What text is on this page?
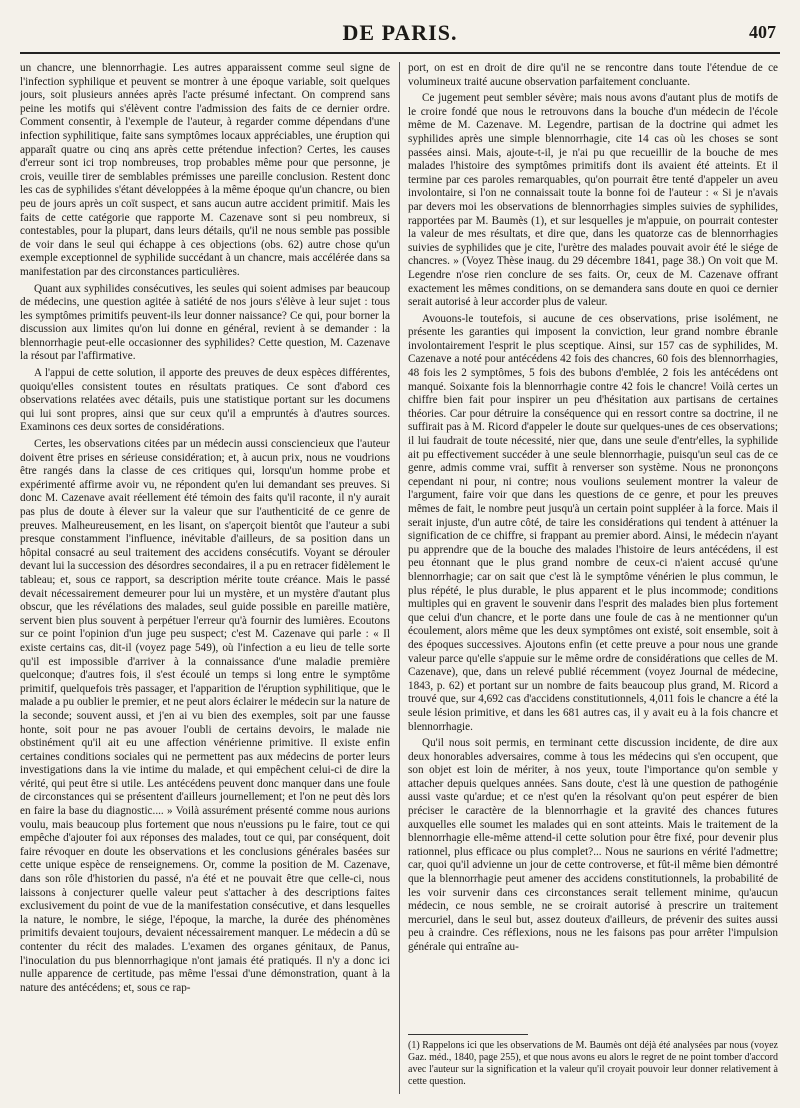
DE PARIS.	407

un chancre, une blennorrhagie. Les autres apparaissent comme seul signe de l'infection syphilique et peuvent se montrer à une époque variable, soit quelques jours, soit plusieurs années après l'acte présumé infectant. On comprend sans peine les motifs qui s'élèvent contre l'admission des faits de ce dernier ordre. Comment consentir, à l'exemple de l'auteur, à regarder comme dépendans d'une infection syphilitique, faite sans symptômes locaux appréciables, une éruption qui apparaît quatre ou cinq ans après cette prétendue infection? Certes, les causes d'erreur sont ici trop nombreuses, trop probables même pour que personne, je crois, veuille tirer de semblables prémisses une pareille conclusion. Restent donc les cas de syphilides s'étant développées à la même époque qu'un chancre, ou bien peu de jours après un coït suspect, et sans aucun autre accident primitif. Mais les faits de cette catégorie que rapporte M. Cazenave sont si peu nombreux, si contestables, pour la plupart, dans leurs détails, qu'il ne nous semble pas possible de voir dans le seul qui échappe à ces objections (obs. 62) autre chose qu'un exemple exceptionnel de syphilide succédant à un chancre, mais accélérée dans sa manifestation par des circonstances particulières.

Quant aux syphilides consécutives, les seules qui soient admises par beaucoup de médecins, une question agitée à satiété de nos jours s'élève à leur sujet : tous les symptômes primitifs peuvent-ils leur donner naissance? Ce qui, pour borner la discussion aux limites qu'on lui donne en général, revient à se demander : la blennorrhagie peut-elle occasionner des syphilides? Cette question, M. Cazenave la résout par l'affirmative.

A l'appui de cette solution, il apporte des preuves de deux espèces différentes, quoiqu'elles consistent toutes en résultats pratiques. Ce sont d'abord ces observations relatées avec détails, puis une statistique portant sur les documens qui lui sont propres, ainsi que sur ceux qu'il a empruntés à d'autres sources. Examinons ces deux sortes de considérations.

Certes, les observations citées par un médecin aussi consciencieux que l'auteur doivent être prises en sérieuse considération; et, à aucun prix, nous ne voudrions être rangés dans la classe de ces critiques qui, lorsqu'un homme probe et expérimenté affirme avoir vu, ne répondent qu'en lui demandant ses preuves. Si donc M. Cazenave avait réellement été témoin des faits qu'il raconte, il n'y aurait pas plus de doute à élever sur la valeur que sur l'authenticité de ce genre de preuves. Malheureusement, en les lisant, on s'aperçoit bientôt que l'auteur a subi presque constamment l'influence, inévitable d'ailleurs, de sa position dans un hôpital consacré au seul traitement des accidens consécutifs. Voyant se dérouler devant lui la succession des désordres secondaires, il a pu en retracer fidèlement le tableau; et, sous ce rapport, sa description mérite toute créance. Mais le passé devait nécessairement demeurer pour lui un mystère, et un mystère d'autant plus obscur, que les révélations des malades, seul guide possible en pareille matière, servent bien plus souvent à perpétuer l'erreur qu'à fournir des lumières. Ecoutons sur ce point l'opinion d'un juge peu suspect; c'est M. Cazenave qui parle : « Il existe certains cas, dit-il (voyez page 549), où l'infection a eu lieu de telle sorte qu'il est impossible d'arriver à la connaissance d'une maladie première quelconque; d'autres fois, il s'est écoulé un temps si long entre le symptôme primitif, quelquefois très passager, et l'apparition de l'éruption syphilitique, que le malade a pu oublier le premier, et ne peut alors éclairer le médecin sur la nature de la seconde; souvent aussi, et j'en ai vu bien des exemples, soit par une fausse honte, soit pour ne pas avouer l'oubli de certains devoirs, le malade nie obstinément qu'il ait eu une affection vénérienne primitive. Il existe enfin certaines conditions sociales qui ne permettent pas aux médecins de porter leurs investigations dans la vie intime du malade, et qui empêchent celui-ci de dire la vérité, qui peut être si utile. Les antécédens peuvent donc manquer dans une foule de circonstances qui se présentent d'ailleurs journellement; et l'on ne peut dès lors en faire la base du diagnostic.... » Voilà assurément présenté comme nous aurions voulu, mais beaucoup plus fortement que nous n'eussions pu le faire, tout ce qui empêche d'ajouter foi aux réponses des malades, tout ce qui, par conséquent, doit faire révoquer en doute les observations et les conclusions générales basées sur cette unique espèce de renseignemens. Or, comme la position de M. Cazenave, dans son rôle d'historien du passé, n'a été et ne pouvait être que celle-ci, nous laissons à conjecturer quelle valeur peut s'attacher à des descriptions faites exclusivement du point de vue de la manifestation consécutive, et dans lesquelles la nature, le nombre, le siége, l'époque, la marche, la durée des phénomènes primitifs devaient toujours, devaient nécessairement manquer. Le médecin a dû se contenter du récit des malades. L'examen des organes génitaux, de Panus, l'inoculation du pus blennorrhagique n'ont jamais été pratiqués. Il n'y a donc ici nulle apparence de certitude, pas même l'essai d'une démonstration, quant à la nature des antécédens; et, sous ce rap-

port, on est en droit de dire qu'il ne se rencontre dans toute l'étendue de ce volumineux traité aucune observation parfaitement concluante.

Ce jugement peut sembler sévère; mais nous avons d'autant plus de motifs de le croire fondé que nous le retrouvons dans la bouche d'un médecin de l'école même de M. Cazenave. M. Legendre, partisan de la doctrine qui admet les syphilides après une simple blennorrhagie, cite 14 cas où les choses se sont passées ainsi. Mais, ajoute-t-il, je n'ai pu que recueillir de la bouche de mes malades l'histoire des symptômes primitifs dont ils avaient été atteints. Et il termine par ces paroles remarquables, qu'on pourrait être tenté d'appeler un aveu involontaire, si l'on ne connaissait toute la bonne foi de l'auteur : « Si je n'avais par devers moi les observations de blennorrhagies simples suivies de syphilides, rapportées par M. Baumès (1), et sur lesquelles je m'appuie, on pourrait contester la valeur de mes résultats, et dire que, dans les quatorze cas de blennorrhagies suivies de syphilides que je cite, l'urètre des malades pouvait avoir été le siége de chancres. » (Voyez Thèse inaug. du 29 décembre 1841, page 38.) On voit que M. Legendre n'ose rien conclure de ses faits. Or, ceux de M. Cazenave offrant exactement les mêmes conditions, on se demandera sans doute en quoi ce dernier serait autorisé à leur accorder plus de valeur.

Avouons-le toutefois, si aucune de ces observations, prise isolément, ne présente les garanties qui imposent la conviction, leur grand nombre ébranle involontairement l'esprit le plus sceptique. Ainsi, sur 157 cas de syphilides, M. Cazenave a noté pour antécédens 42 fois des chancres, 60 fois des blennorrhagies, 48 fois les 2 symptômes, 5 fois des bubons d'emblée, 2 fois les antécédens ont manqué. Soixante fois la blennorrhagie contre 42 fois le chancre! Voilà certes un chiffre bien fait pour inspirer un peu d'hésitation aux partisans de certaines théories. Car pour détruire la conséquence qui en ressort contre sa doctrine, il ne suffirait pas à M. Ricord d'appeler le doute sur quelques-unes de ces observations; il lui faudrait de toute nécessité, nier que, dans une seule d'entr'elles, la syphilide ait pu effectivement succéder à une seule blennorrhagie, puisqu'un seul cas de ce genre, admis comme vrai, suffit à renverser son système. Nous ne prononçons cependant ni pour, ni contre; nous voulions seulement montrer la valeur de l'argument, faire voir que dans les questions de ce genre, et pour les preuves mêmes de fait, le nombre peut jusqu'à un certain point suppléer à la force. Mais il serait injuste, d'un autre côté, de taire les considérations qui tendent à atténuer la signification de ce chiffre, si frappant au premier abord. Ainsi, le médecin n'ayant pu apprendre que de la bouche des malades l'histoire de leurs antécédens, il est peu étonnant que le plus grand nombre de ceux-ci n'aient accusé qu'une blennorrhagie; car on sait que c'est là le symptôme vénérien le plus commun, le plus répété, le plus durable, le plus apparent et le plus incommode; conditions multiples qui en gravent le souvenir dans l'esprit des malades bien plus fortement que celui d'un chancre, et le porte dans une foule de cas à ne mentionner qu'un écoulement, alors même que les deux symptômes ont existé, soit ensemble, soit à des époques successives. Ajoutons enfin (et cette preuve a pour nous une grande valeur parce qu'elle s'appuie sur le même ordre de considérations que celles de M. Cazenave), que, dans un relevé publié récemment (voyez Journal de médecine, 1843, p. 62) et portant sur un nombre de faits beaucoup plus grand, M. Ricord a trouvé que, sur 4,692 cas d'accidens constitutionnels, 4,011 fois le chancre a été la seule lésion primitive, et dans les 681 autres cas, il y avait eu à la fois chancre et blennorrhagie.

Qu'il nous soit permis, en terminant cette discussion incidente, de dire aux deux honorables adversaires, comme à tous les médecins qui s'en occupent, que son objet est loin de mériter, à nos yeux, toute l'importance qu'on semble y attacher depuis quelques années. Sans doute, c'est là une question de pathogénie aussi vaste qu'ardue; et ce n'est qu'en la résolvant qu'on peut espérer de bien préciser le caractère de la blennorrhagie et la gravité des chances futures auxquelles elle soumet les malades qui en sont atteints. Mais le traitement de la blennorrhagie elle-même attend-il cette solution pour être fixé, pour devenir plus rationnel, plus efficace ou plus complet?... Nous ne saurions en vérité l'admettre; car, quoi qu'il advienne un jour de cette controverse, et fût-il même bien démontré que la blennorrhagie peut amener des accidens constitutionnels, la probabilité de les voir survenir dans ces circonstances serait tellement minime, qu'aucun médecin, ce nous semble, ne se croirait autorisé à prescrire un traitement mercuriel, dans le seul but, assez douteux d'ailleurs, de prévenir des suites aussi peu à craindre. Ces réflexions, nous ne les faisons pas pour arrêter l'impulsion générale qui entraîne au-

(1) Rappelons ici que les observations de M. Baumès ont déjà été analysées par nous (voyez Gaz. méd., 1840, page 255), et que nous avons eu alors le regret de ne point tomber d'accord avec l'auteur sur la signification et la valeur qu'il croyait pouvoir leur donner relativement à cette question.
